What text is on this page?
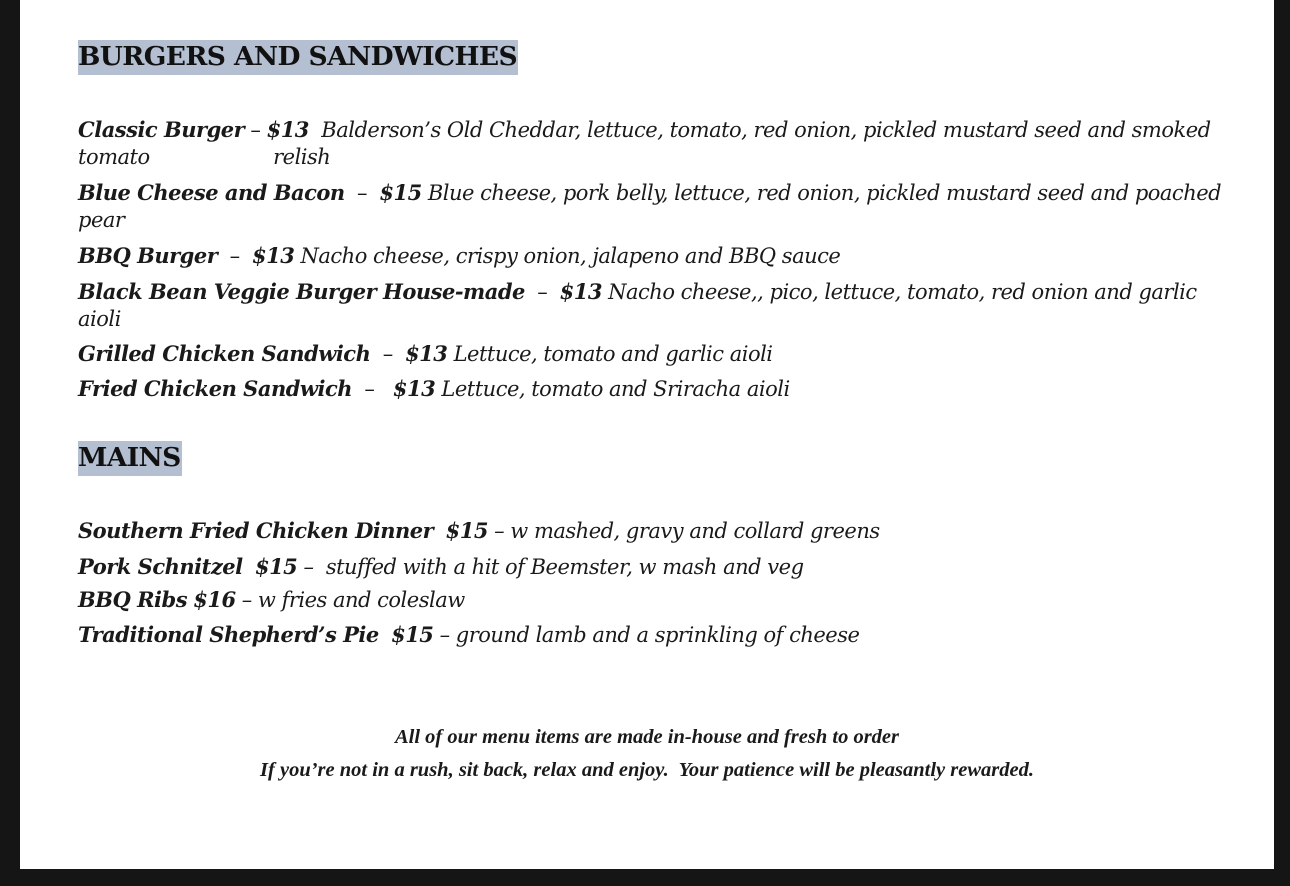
BURGERS AND SANDWICHES

Classic Burger – $13  Balderson’s Old Cheddar, lettuce, tomato, red onion, pickled mustard seed and smoked tomato                    relish

Blue Cheese and Bacon  –  $15 Blue cheese, pork belly, lettuce, red onion, pickled mustard seed and poached pear

BBQ Burger  –  $13 Nacho cheese, crispy onion, jalapeno and BBQ sauce

Black Bean Veggie Burger House-made  –  $13 Nacho cheese,, pico, lettuce, tomato, red onion and garlic aioli

Grilled Chicken Sandwich  –  $13 Lettuce, tomato and garlic aioli

Fried Chicken Sandwich  –   $13 Lettuce, tomato and Sriracha aioli

MAINS

Southern Fried Chicken Dinner $15 – w mashed, gravy and collard greens

Pork Schnitzel $15 –  stuffed with a hit of Beemster, w mash and veg

BBQ Ribs $16 – w fries and coleslaw

Traditional Shepherd’s Pie $15 – ground lamb and a sprinkling of cheese

All of our menu items are made in-house and fresh to order

If you’re not in a rush, sit back, relax and enjoy.  Your patience will be pleasantly rewarded.
